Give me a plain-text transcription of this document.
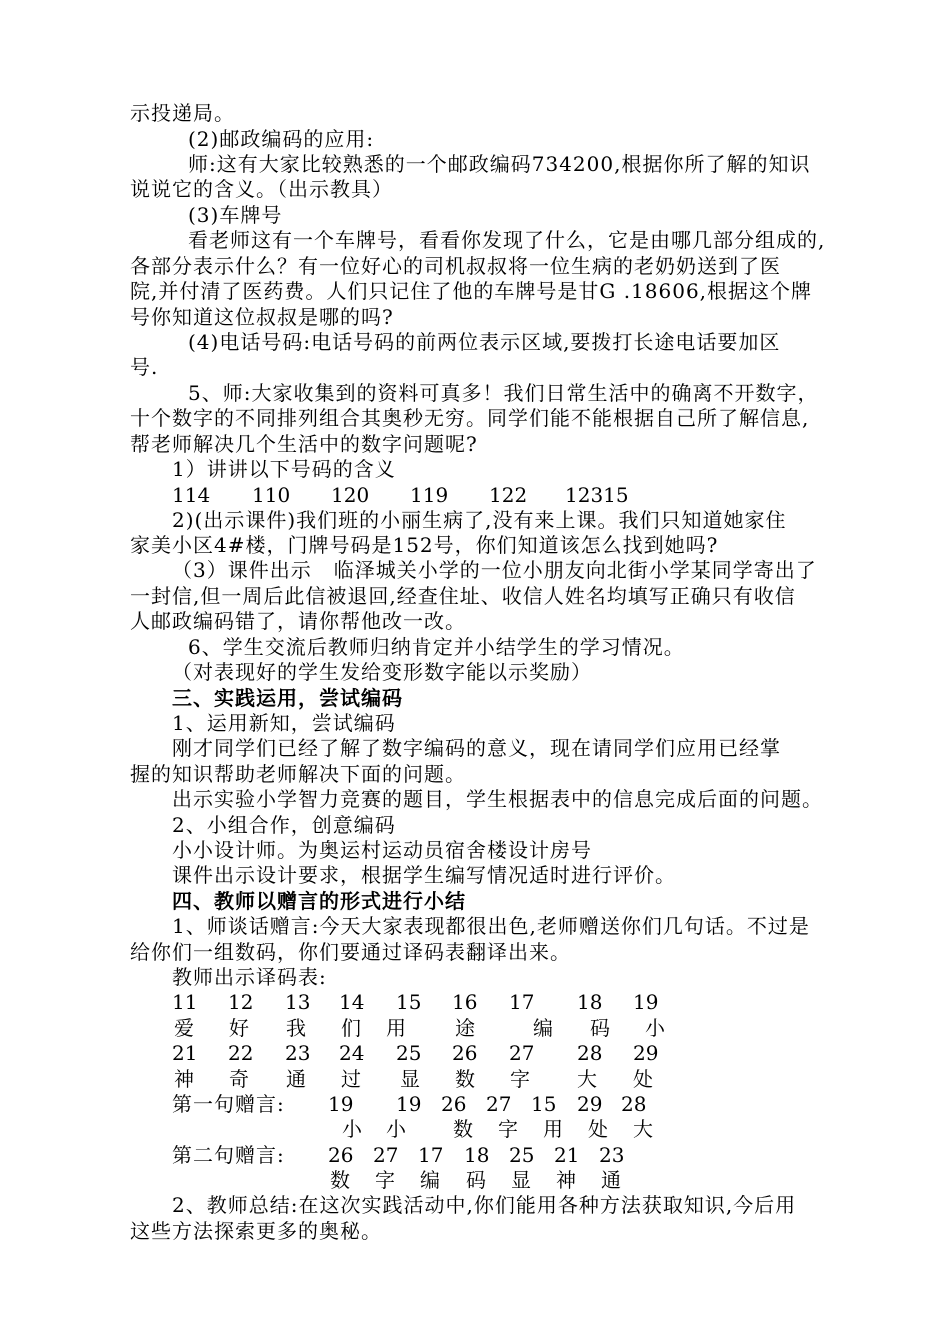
示投递局。
(2)邮政编码的应用:
师:这有大家比较熟悉的一个邮政编码734200,根据你所了解的知识
说说它的含义。（出示教具）
(3)车牌号
看老师这有一个车牌号，看看你发现了什么，它是由哪几部分组成的,
各部分表示什么？有一位好心的司机叔叔将一位生病的老奶奶送到了医
院,并付清了医药费。人们只记住了他的车牌号是甘G .18606,根据这个牌
号你知道这位叔叔是哪的吗?
(4)电话号码:电话号码的前两位表示区域,要拨打长途电话要加区
号.
5、师:大家收集到的资料可真多！我们日常生活中的确离不开数字，
十个数字的不同排列组合其奥秒无穷。同学们能不能根据自己所了解信息,
帮老师解决几个生活中的数字问题呢?
1）讲讲以下号码的含义
2)(出示课件)我们班的小丽生病了,没有来上课。我们只知道她家住
家美小区4#楼，门牌号码是152号，你们知道该怎么找到她吗?
（3）课件出示   临泽城关小学的一位小朋友向北街小学某同学寄出了
一封信,但一周后此信被退回,经查住址、收信人姓名均填写正确只有收信
人邮政编码错了，请你帮他改一改。
6、学生交流后教师归纳肯定并小结学生的学习情况。
（对表现好的学生发给变形数字能以示奖励）
三、实践运用，尝试编码
1、运用新知，尝试编码
刚才同学们已经了解了数字编码的意义，现在请同学们应用已经掌
握的知识帮助老师解决下面的问题。
出示实验小学智力竞赛的题目，学生根据表中的信息完成后面的问题。
2、小组合作，创意编码
小小设计师。为奥运村运动员宿舍楼设计房号
课件出示设计要求，根据学生编写情况适时进行评价。
四、教师以赠言的形式进行小结
1、师谈话赠言:今天大家表现都很出色,老师赠送你们几句话。不过是
给你们一组数码，你们要通过译码表翻译出来。
教师出示译码表:
第一句赠言:
第二句赠言:
2、教师总结:在这次实践活动中,你们能用各种方法获取知识,今后用
这些方法探索更多的奥秘。
114 110 120 119 122 12315
11 12 13 14 15 16 17 18 19
爱 好 我 们 用 途	编 码 小
21 22 23 24 25 26 27 28 29
神 奇 通 过 显 数 字 大 处
19 19 26 27 15 29 28
小 小 数 字 用 处 大
26 27 17 18 25 21 23
数 字 编 码 显 神 通
